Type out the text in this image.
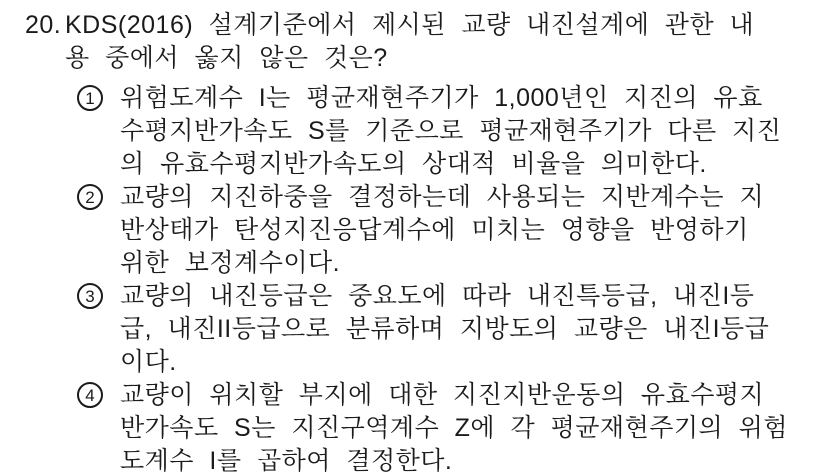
20. KDS(2016) 설계기준에서 제시된 교량 내진설계에 관한 내
용 중에서 옳지 않은 것은?
1 위험도계수 I는 평균재현주기가 1,000년인 지진의 유효
수평지반가속도 S를 기준으로 평균재현주기가 다른 지진
의 유효수평지반가속도의 상대적 비율을 의미한다.
2 교량의 지진하중을 결정하는데 사용되는 지반계수는 지
반상태가 탄성지진응답계수에 미치는 영향을 반영하기
위한 보정계수이다.
3 교량의 내진등급은 중요도에 따라 내진특등급, 내진I등
급, 내진II등급으로 분류하며 지방도의 교량은 내진I등급
이다.
4 교량이 위치할 부지에 대한 지진지반운동의 유효수평지
반가속도 S는 지진구역계수 Z에 각 평균재현주기의 위험
도계수 I를 곱하여 결정한다.
